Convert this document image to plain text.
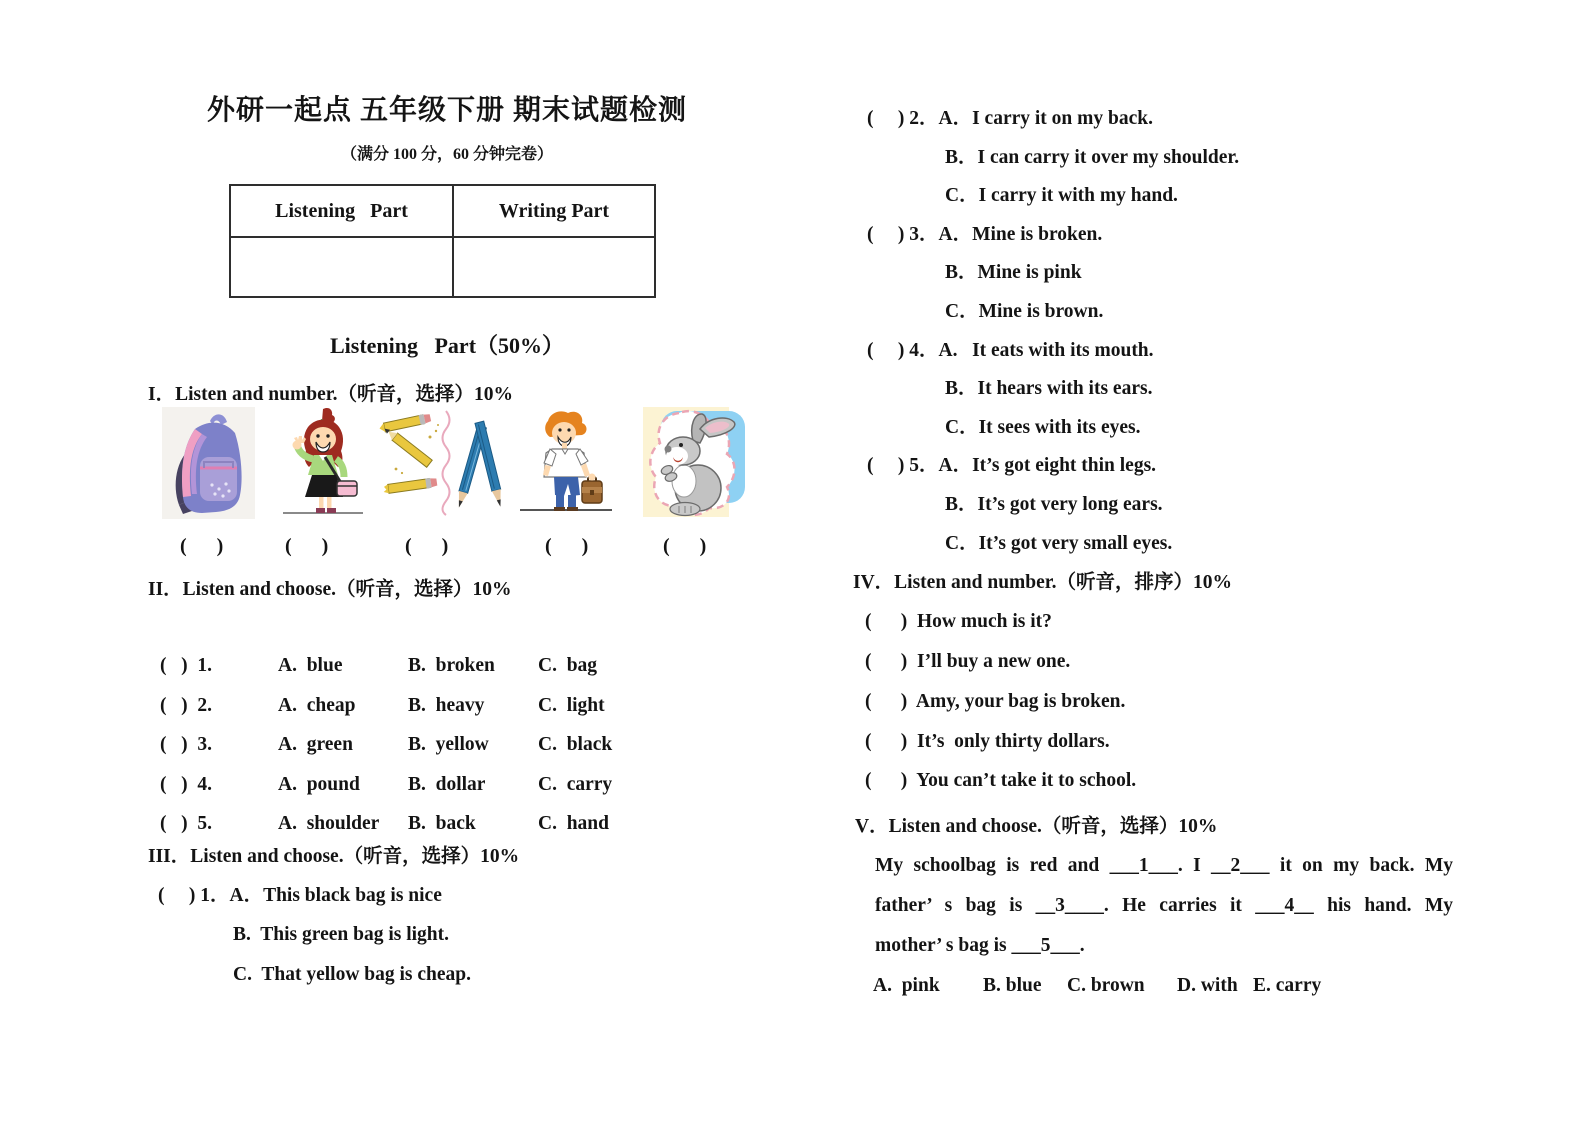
外研一起点 五年级下册 期末试题检测
（满分 100 分，60 分钟完卷）
Listening   Part	Writing Part

Listening   Part（50%）
I．Listen and number.（听音，选择）10%
(    )	(    )	(    )	(    )	(    )
II．Listen and choose.（听音，选择）10%
(   )  1.	A.  blue	B.  broken	C.  bag
(   )  2.	A.  cheap	B.  heavy	C.  light
(   )  3.	A.  green	B.  yellow	C.  black
(   )  4.	A.  pound	B.  dollar	C.  carry
(   )  5.	A.  shoulder	B.  back	C.  hand
III．Listen and choose.（听音，选择）10%
(     ) 1．A．This black bag is nice
B.  This green bag is light.
C.  That yellow bag is cheap.
(     ) 2．A．I carry it on my back.
B．I can carry it over my shoulder.
C．I carry it with my hand.
(     ) 3．A．Mine is broken.
B．Mine is pink
C．Mine is brown.
(     ) 4．A.   It eats with its mouth.
B．It hears with its ears.
C．It sees with its eyes.
(     ) 5．A．It’s got eight thin legs.
B．It’s got very long ears.
C．It’s got very small eyes.
IV．Listen and number.（听音，排序）10%
(      )  How much is it?
(      )  I’ll buy a new one.
(      )  Amy, your bag is broken.
(      )  It’s  only thirty dollars.
(      )  You can’t take it to school.
V．Listen and choose.（听音，选择）10%
My schoolbag is red and ___1___. I __2___ it on my back. My
father’ s bag is __3____. He carries it ___4__ his hand. My
mother’ s bag is ___5___.
A.  pink B. blue C. brown D. with E. carry
